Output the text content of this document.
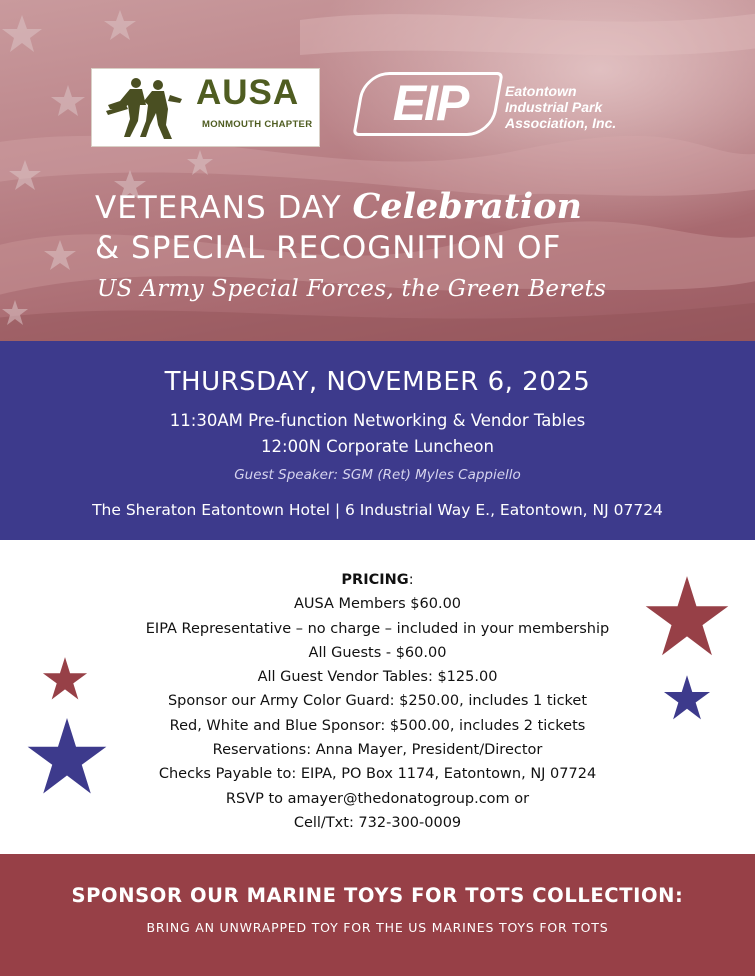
AUSA
MONMOUTH CHAPTER	EIP	Eatontown
Industrial Park
Association, Inc.
VETERANS DAY Celebration
& SPECIAL RECOGNITION OF
US Army Special Forces, the Green Berets
THURSDAY, NOVEMBER 6, 2025
11:30AM Pre-function Networking & Vendor Tables
12:00N Corporate Luncheon
Guest Speaker: SGM (Ret) Myles Cappiello
The Sheraton Eatontown Hotel | 6 Industrial Way E., Eatontown, NJ 07724
PRICING:
AUSA Members $60.00
EIPA Representative – no charge – included in your membership
All Guests - $60.00
All Guest Vendor Tables: $125.00
Sponsor our Army Color Guard: $250.00, includes 1 ticket
Red, White and Blue Sponsor: $500.00, includes 2 tickets
Reservations: Anna Mayer, President/Director
Checks Payable to: EIPA, PO Box 1174, Eatontown, NJ 07724
RSVP to amayer@thedonatogroup.com or
Cell/Txt: 732-300-0009
SPONSOR OUR MARINE TOYS FOR TOTS COLLECTION:
BRING AN UNWRAPPED TOY FOR THE US MARINES TOYS FOR TOTS
